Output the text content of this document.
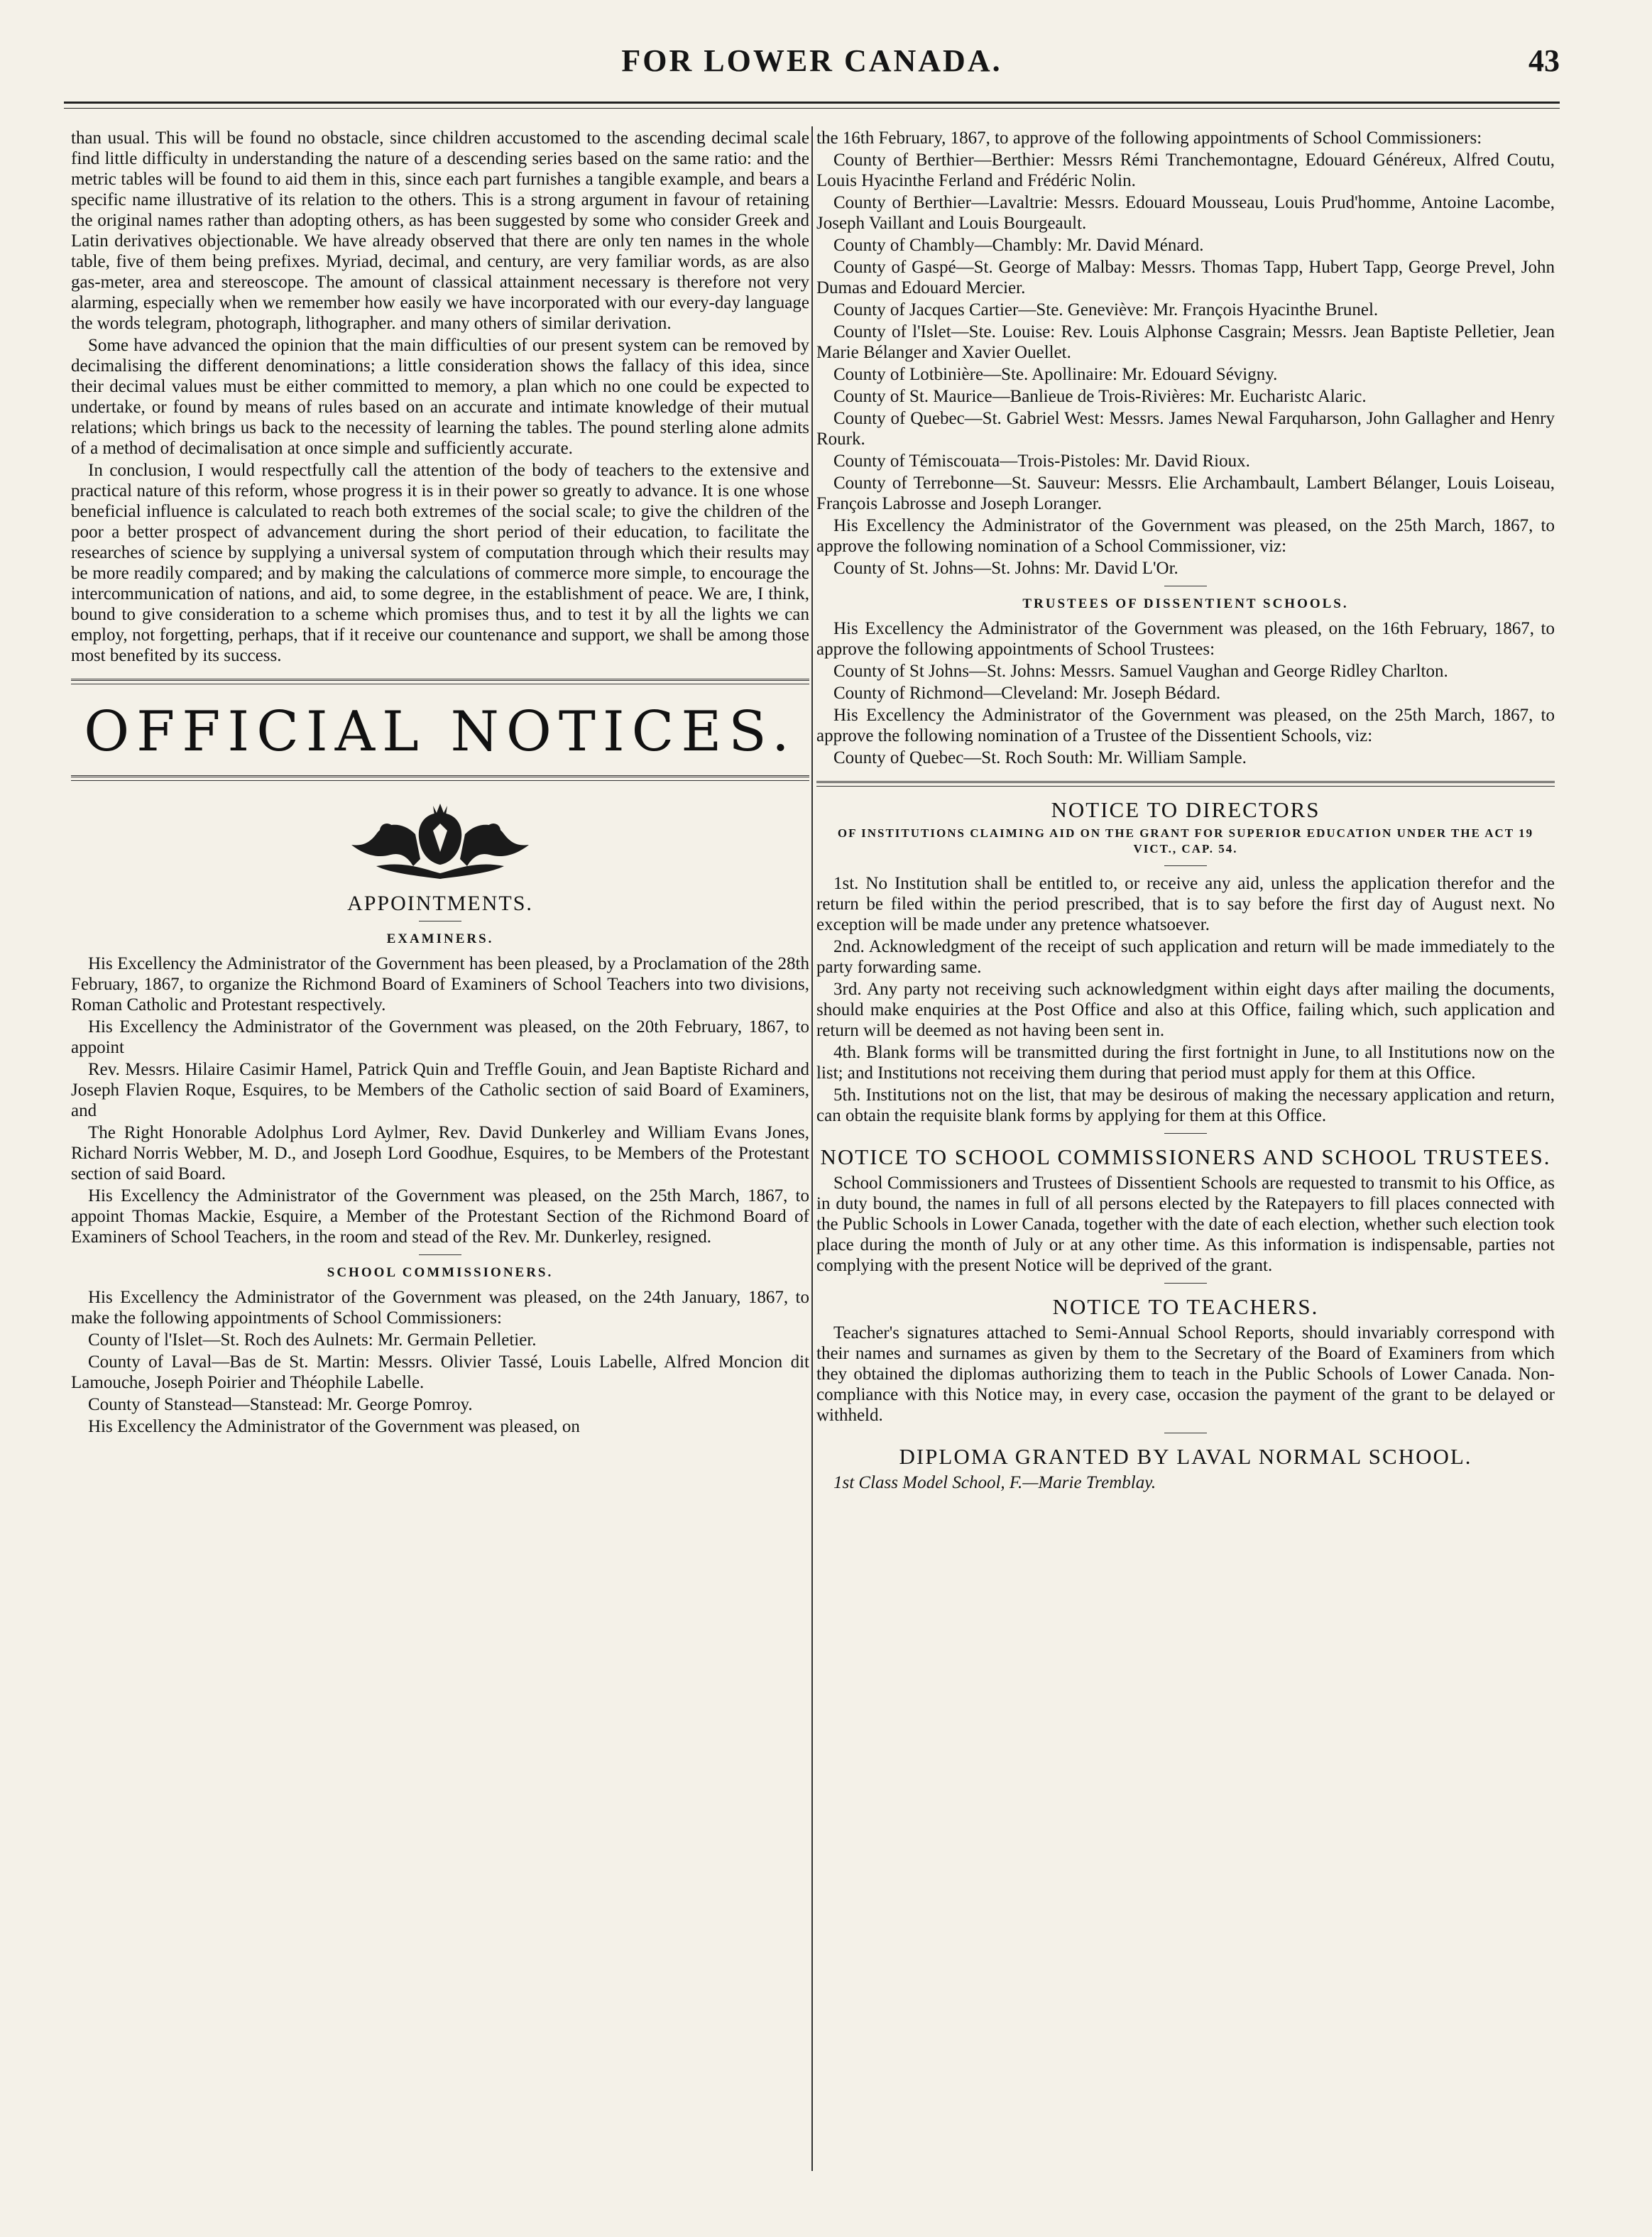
FOR LOWER CANADA.	43

than usual. This will be found no obstacle, since children accustomed to the ascending decimal scale find little difficulty in understanding the nature of a descending series based on the same ratio: and the metric tables will be found to aid them in this, since each part furnishes a tangible example, and bears a specific name illustrative of its relation to the others. This is a strong argument in favour of retaining the original names rather than adopting others, as has been suggested by some who consider Greek and Latin derivatives objectionable. We have already observed that there are only ten names in the whole table, five of them being prefixes. Myriad, decimal, and century, are very familiar words, as are also gas-meter, area and stereoscope. The amount of classical attainment necessary is therefore not very alarming, especially when we remember how easily we have incorporated with our every-day language the words telegram, photograph, lithographer. and many others of similar derivation.

Some have advanced the opinion that the main difficulties of our present system can be removed by decimalising the different denominations; a little consideration shows the fallacy of this idea, since their decimal values must be either committed to memory, a plan which no one could be expected to undertake, or found by means of rules based on an accurate and intimate knowledge of their mutual relations; which brings us back to the necessity of learning the tables. The pound sterling alone admits of a method of decimalisation at once simple and sufficiently accurate.

In conclusion, I would respectfully call the attention of the body of teachers to the extensive and practical nature of this reform, whose progress it is in their power so greatly to advance. It is one whose beneficial influence is calculated to reach both extremes of the social scale; to give the children of the poor a better prospect of advancement during the short period of their education, to facilitate the researches of science by supplying a universal system of computation through which their results may be more readily compared; and by making the calculations of commerce more simple, to encourage the intercommunication of nations, and aid, to some degree, in the establishment of peace. We are, I think, bound to give consideration to a scheme which promises thus, and to test it by all the lights we can employ, not forgetting, perhaps, that if it receive our countenance and support, we shall be among those most benefited by its success.

OFFICIAL NOTICES.
APPOINTMENTS.
EXAMINERS.

His Excellency the Administrator of the Government has been pleased, by a Proclamation of the 28th February, 1867, to organize the Richmond Board of Examiners of School Teachers into two divisions, Roman Catholic and Protestant respectively.

His Excellency the Administrator of the Government was pleased, on the 20th February, 1867, to appoint

Rev. Messrs. Hilaire Casimir Hamel, Patrick Quin and Treffle Gouin, and Jean Baptiste Richard and Joseph Flavien Roque, Esquires, to be Members of the Catholic section of said Board of Examiners, and

The Right Honorable Adolphus Lord Aylmer, Rev. David Dunkerley and William Evans Jones, Richard Norris Webber, M. D., and Joseph Lord Goodhue, Esquires, to be Members of the Protestant section of said Board.

His Excellency the Administrator of the Government was pleased, on the 25th March, 1867, to appoint Thomas Mackie, Esquire, a Member of the Protestant Section of the Richmond Board of Examiners of School Teachers, in the room and stead of the Rev. Mr. Dunkerley, resigned.

SCHOOL COMMISSIONERS.

His Excellency the Administrator of the Government was pleased, on the 24th January, 1867, to make the following appointments of School Commissioners:

County of l'Islet—St. Roch des Aulnets: Mr. Germain Pelletier.

County of Laval—Bas de St. Martin: Messrs. Olivier Tassé, Louis Labelle, Alfred Moncion dit Lamouche, Joseph Poirier and Théophile Labelle.

County of Stanstead—Stanstead: Mr. George Pomroy.

His Excellency the Administrator of the Government was pleased, on

the 16th February, 1867, to approve of the following appointments of School Commissioners:

County of Berthier—Berthier: Messrs Rémi Tranchemontagne, Edouard Généreux, Alfred Coutu, Louis Hyacinthe Ferland and Frédéric Nolin.

County of Berthier—Lavaltrie: Messrs. Edouard Mousseau, Louis Prud'homme, Antoine Lacombe, Joseph Vaillant and Louis Bourgeault.

County of Chambly—Chambly: Mr. David Ménard.

County of Gaspé—St. George of Malbay: Messrs. Thomas Tapp, Hubert Tapp, George Prevel, John Dumas and Edouard Mercier.

County of Jacques Cartier—Ste. Geneviève: Mr. François Hyacinthe Brunel.

County of l'Islet—Ste. Louise: Rev. Louis Alphonse Casgrain; Messrs. Jean Baptiste Pelletier, Jean Marie Bélanger and Xavier Ouellet.

County of Lotbinière—Ste. Apollinaire: Mr. Edouard Sévigny.

County of St. Maurice—Banlieue de Trois-Rivières: Mr. Eucharistc Alaric.

County of Quebec—St. Gabriel West: Messrs. James Newal Farquharson, John Gallagher and Henry Rourk.

County of Témiscouata—Trois-Pistoles: Mr. David Rioux.

County of Terrebonne—St. Sauveur: Messrs. Elie Archambault, Lambert Bélanger, Louis Loiseau, François Labrosse and Joseph Loranger.

His Excellency the Administrator of the Government was pleased, on the 25th March, 1867, to approve the following nomination of a School Commissioner, viz:

County of St. Johns—St. Johns: Mr. David L'Or.

TRUSTEES OF DISSENTIENT SCHOOLS.

His Excellency the Administrator of the Government was pleased, on the 16th February, 1867, to approve the following appointments of School Trustees:

County of St Johns—St. Johns: Messrs. Samuel Vaughan and George Ridley Charlton.

County of Richmond—Cleveland: Mr. Joseph Bédard.

His Excellency the Administrator of the Government was pleased, on the 25th March, 1867, to approve the following nomination of a Trustee of the Dissentient Schools, viz:

County of Quebec—St. Roch South: Mr. William Sample.

NOTICE TO DIRECTORS
OF INSTITUTIONS CLAIMING AID ON THE GRANT FOR SUPERIOR EDUCATION UNDER THE ACT 19 VICT., CAP. 54.

1st. No Institution shall be entitled to, or receive any aid, unless the application therefor and the return be filed within the period prescribed, that is to say before the first day of August next. No exception will be made under any pretence whatsoever.

2nd. Acknowledgment of the receipt of such application and return will be made immediately to the party forwarding same.

3rd. Any party not receiving such acknowledgment within eight days after mailing the documents, should make enquiries at the Post Office and also at this Office, failing which, such application and return will be deemed as not having been sent in.

4th. Blank forms will be transmitted during the first fortnight in June, to all Institutions now on the list; and Institutions not receiving them during that period must apply for them at this Office.

5th. Institutions not on the list, that may be desirous of making the necessary application and return, can obtain the requisite blank forms by applying for them at this Office.

NOTICE TO SCHOOL COMMISSIONERS AND SCHOOL TRUSTEES.

School Commissioners and Trustees of Dissentient Schools are requested to transmit to his Office, as in duty bound, the names in full of all persons elected by the Ratepayers to fill places connected with the Public Schools in Lower Canada, together with the date of each election, whether such election took place during the month of July or at any other time. As this information is indispensable, parties not complying with the present Notice will be deprived of the grant.

NOTICE TO TEACHERS.

Teacher's signatures attached to Semi-Annual School Reports, should invariably correspond with their names and surnames as given by them to the Secretary of the Board of Examiners from which they obtained the diplomas authorizing them to teach in the Public Schools of Lower Canada. Non-compliance with this Notice may, in every case, occasion the payment of the grant to be delayed or withheld.

DIPLOMA GRANTED BY LAVAL NORMAL SCHOOL.

1st Class Model School, F.—Marie Tremblay.
